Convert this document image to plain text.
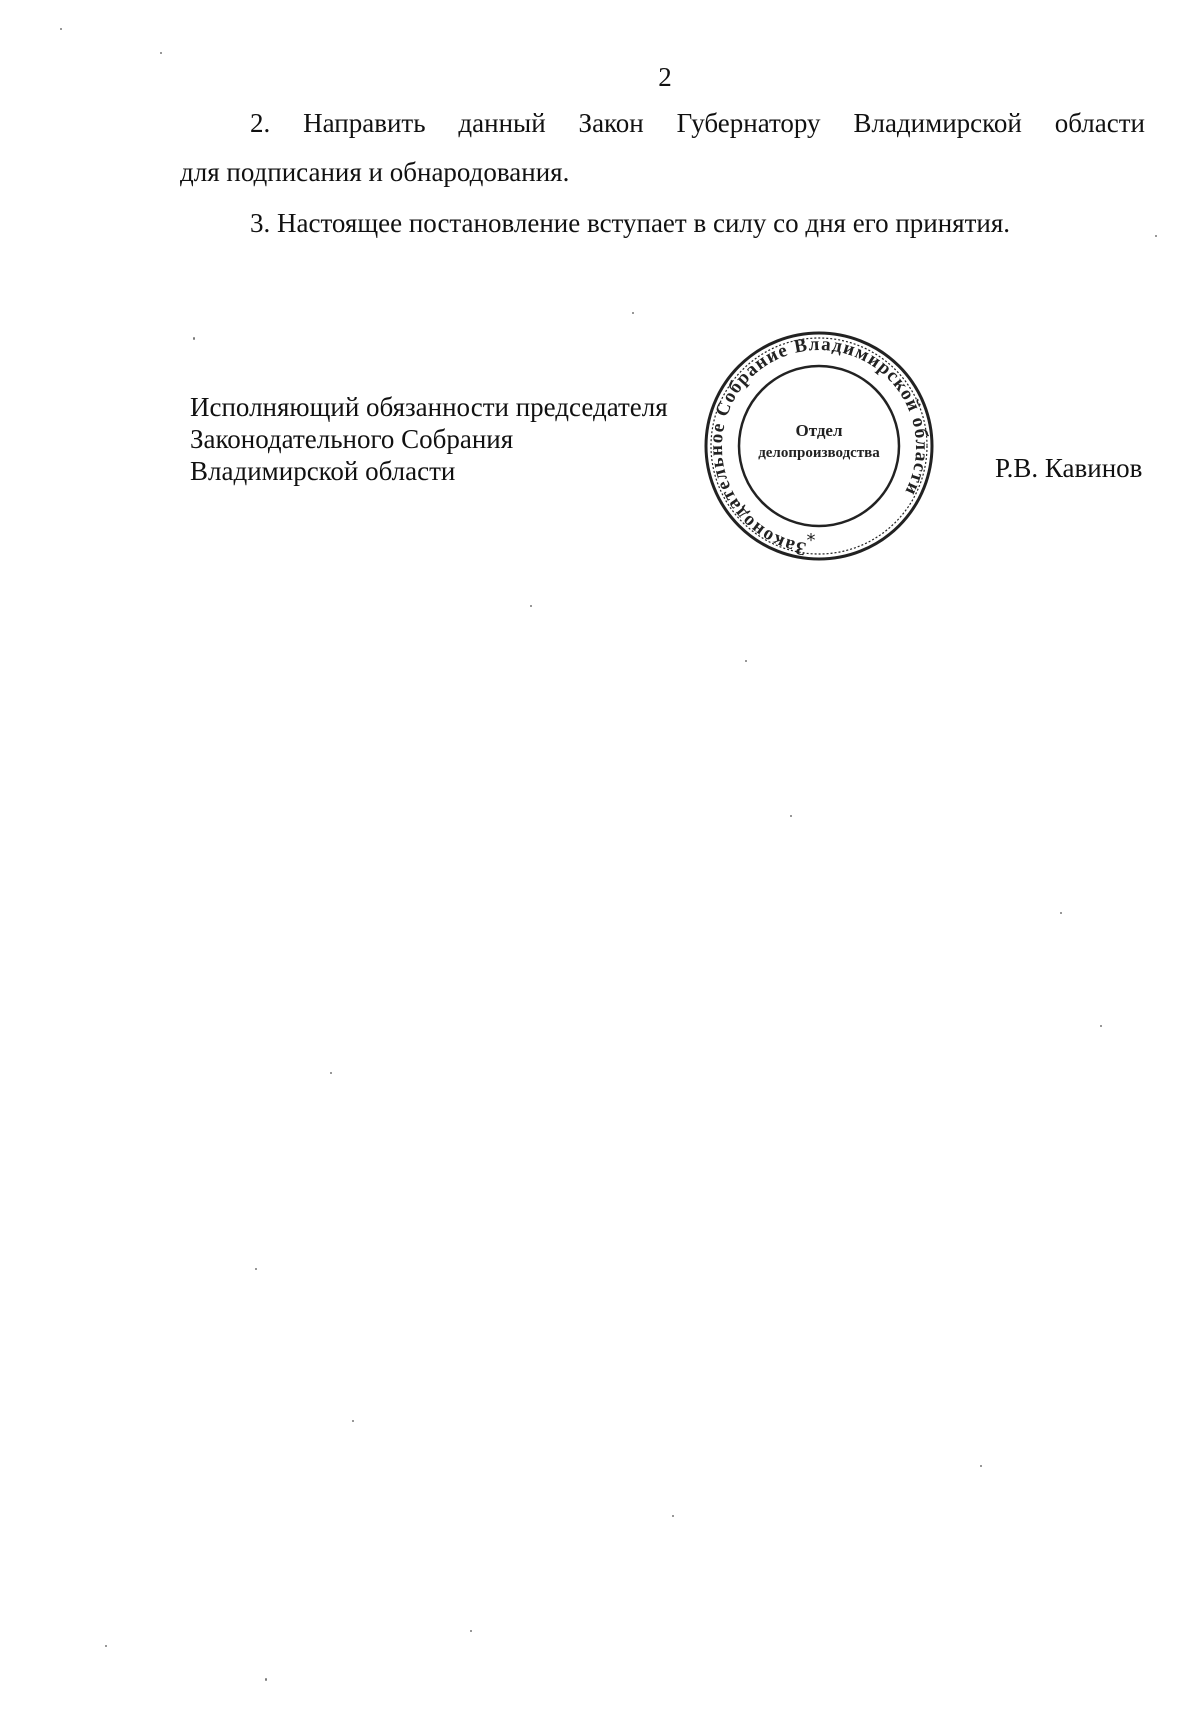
2
2. Направить данный Закон Губернатору Владимирской области
для подписания и обнародования.
3. Настоящее постановление вступает в силу со дня его принятия.
Исполняющий обязанности председателя
Законодательного Собрания
Владимирской области	Р.В. Кавинов
Законодательное Собрание Владимирской области
Отдел
делопроизводства
*
